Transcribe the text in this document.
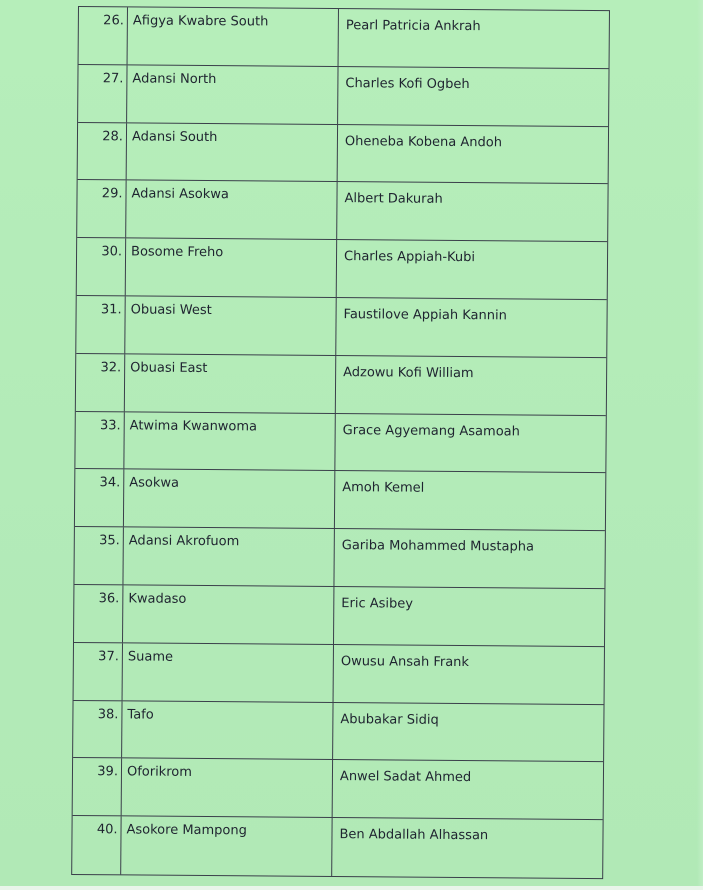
26. Afigya Kwabre South	Pearl Patricia Ankrah
27. Adansi North	Charles Kofi Ogbeh
28. Adansi South	Oheneba Kobena Andoh
29. Adansi Asokwa	Albert Dakurah
30. Bosome Freho	Charles Appiah-Kubi
31. Obuasi West	Faustilove Appiah Kannin
32. Obuasi East	Adzowu Kofi William
33. Atwima Kwanwoma	Grace Agyemang Asamoah
34. Asokwa	Amoh Kemel
35. Adansi Akrofuom	Gariba Mohammed Mustapha
36. Kwadaso	Eric Asibey
37. Suame	Owusu Ansah Frank
38. Tafo	Abubakar Sidiq
39. Oforikrom	Anwel Sadat Ahmed
40. Asokore Mampong	Ben Abdallah Alhassan
